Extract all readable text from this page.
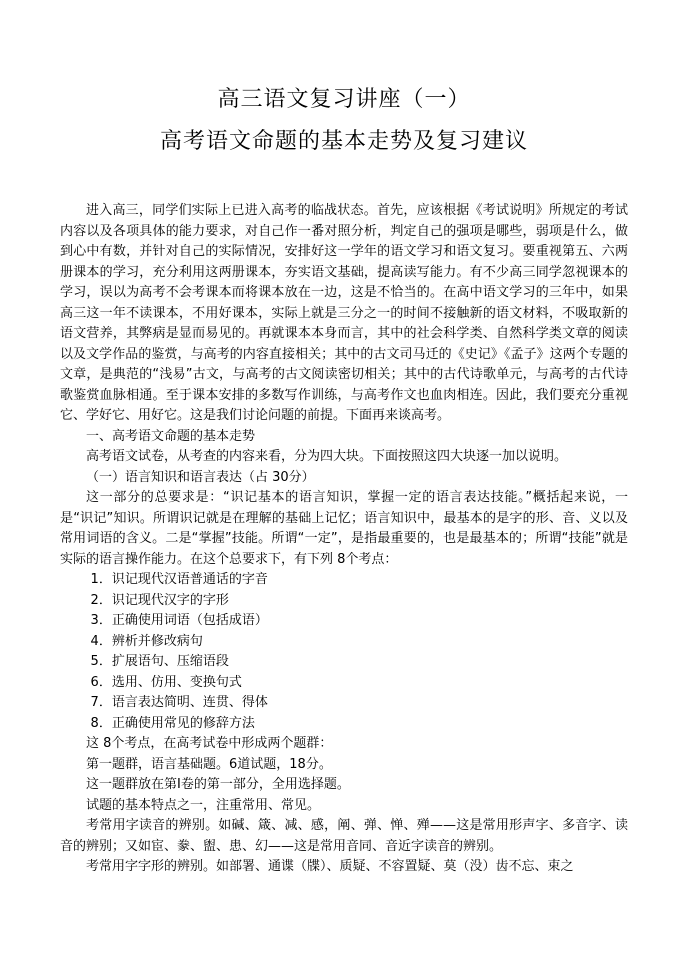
高三语文复习讲座（一）
高考语文命题的基本走势及复习建议

进入高三，同学们实际上已进入高考的临战状态。首先，应该根据《考试说明》所规定的考试内容以及各项具体的能力要求，对自己作一番对照分析，判定自己的强项是哪些，弱项是什么，做到心中有数，并针对自己的实际情况，安排好这一学年的语文学习和语文复习。要重视第五、六两册课本的学习，充分利用这两册课本，夯实语文基础，提高读写能力。有不少高三同学忽视课本的学习，误以为高考不会考课本而将课本放在一边，这是不恰当的。在高中语文学习的三年中，如果高三这一年不读课本，不用好课本，实际上就是三分之一的时间不接触新的语文材料，不吸取新的语文营养，其弊病是显而易见的。再就课本本身而言，其中的社会科学类、自然科学类文章的阅读以及文学作品的鉴赏，与高考的内容直接相关；其中的古文司马迁的《史记》《孟子》这两个专题的文章，是典范的“浅易”古文，与高考的古文阅读密切相关；其中的古代诗歌单元，与高考的古代诗歌鉴赏血脉相通。至于课本安排的多数写作训练，与高考作文也血肉相连。因此，我们要充分重视它、学好它、用好它。这是我们讨论问题的前提。下面再来谈高考。

一、高考语文命题的基本走势

高考语文试卷，从考查的内容来看，分为四大块。下面按照这四大块逐一加以说明。

（一）语言知识和语言表达（占 30分）

这一部分的总要求是：“识记基本的语言知识，掌握一定的语言表达技能。”概括起来说，一是“识记”知识。所谓识记就是在理解的基础上记忆；语言知识中，最基本的是字的形、音、义以及常用词语的含义。二是“掌握”技能。所谓“一定”，是指最重要的，也是最基本的；所谓“技能”就是实际的语言操作能力。在这个总要求下，有下列 8个考点：

1．识记现代汉语普通话的字音

2．识记现代汉字的字形

3．正确使用词语（包括成语）

4．辨析并修改病句

5．扩展语句、压缩语段

6．选用、仿用、变换句式

7．语言表达简明、连贯、得体

8．正确使用常见的修辞方法

这 8个考点，在高考试卷中形成两个题群：

第一题群，语言基础题。6道试题，18分。

这一题群放在第Ⅰ卷的第一部分，全用选择题。

试题的基本特点之一，注重常用、常见。

考常用字读音的辨别。如碱、箴、减、感，阐、弹、惮、殚——这是常用形声字、多音字、读音的辨别；又如宦、豢、盥、患、幻——这是常用音同、音近字读音的辨别。

考常用字字形的辨别。如部署、通谍（牒）、质疑、不容置疑、莫（没）齿不忘、束之
